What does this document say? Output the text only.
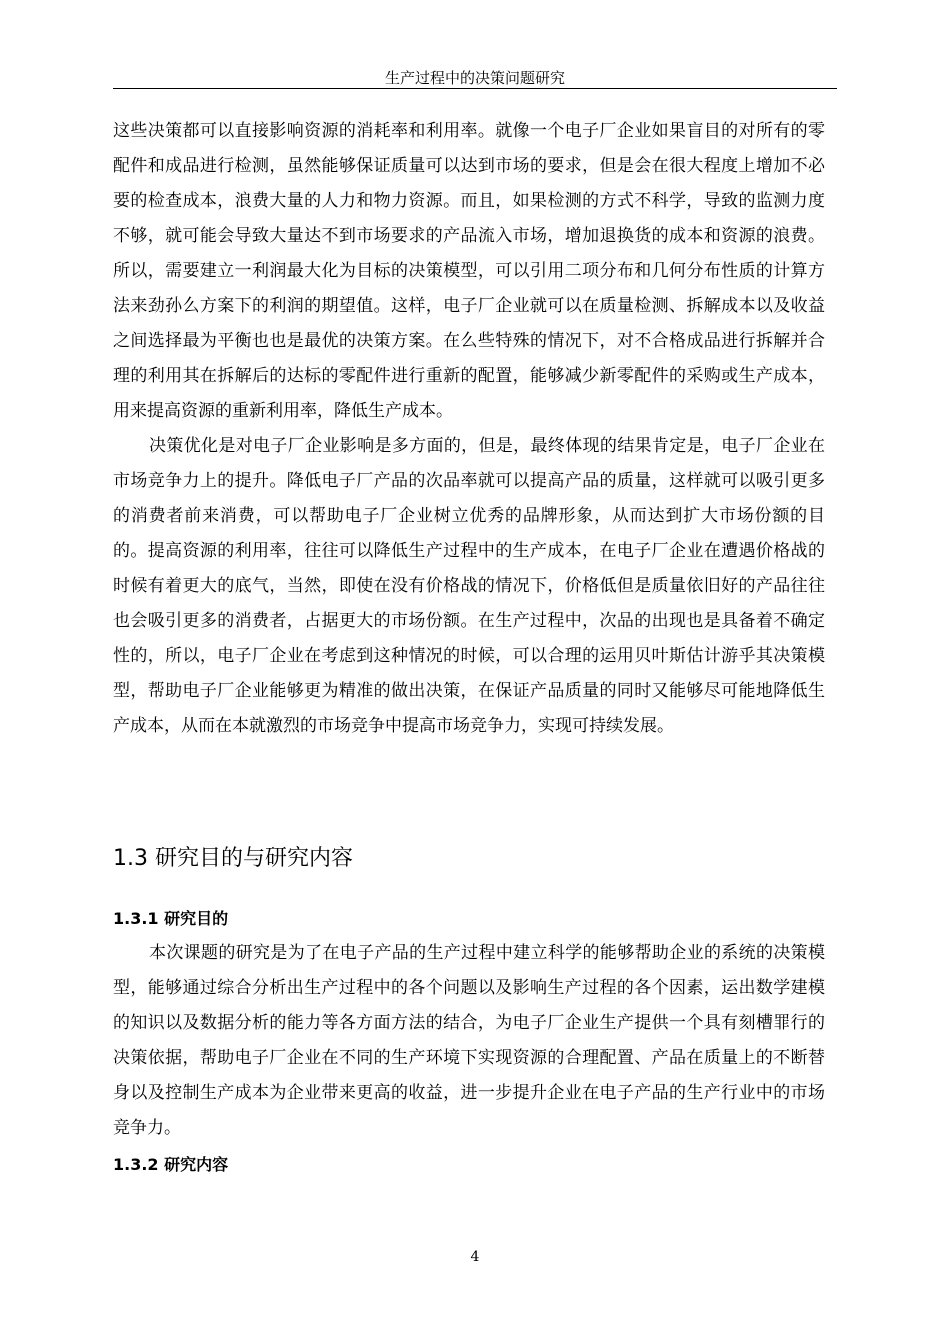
生产过程中的决策问题研究

这些决策都可以直接影响资源的消耗率和利用率。就像一个电子厂企业如果盲目的对所有的零配件和成品进行检测，虽然能够保证质量可以达到市场的要求，但是会在很大程度上增加不必要的检查成本，浪费大量的人力和物力资源。而且，如果检测的方式不科学，导致的监测力度不够，就可能会导致大量达不到市场要求的产品流入市场，增加退换货的成本和资源的浪费。所以，需要建立一利润最大化为目标的决策模型，可以引用二项分布和几何分布性质的计算方法来劲孙么方案下的利润的期望值。这样，电子厂企业就可以在质量检测、拆解成本以及收益之间选择最为平衡也也是最优的决策方案。在么些特殊的情况下，对不合格成品进行拆解并合理的利用其在拆解后的达标的零配件进行重新的配置，能够减少新零配件的采购或生产成本，用来提高资源的重新利用率，降低生产成本。

决策优化是对电子厂企业影响是多方面的，但是，最终体现的结果肯定是，电子厂企业在市场竞争力上的提升。降低电子厂产品的次品率就可以提高产品的质量，这样就可以吸引更多的消费者前来消费，可以帮助电子厂企业树立优秀的品牌形象，从而达到扩大市场份额的目的。提高资源的利用率，往往可以降低生产过程中的生产成本，在电子厂企业在遭遇价格战的时候有着更大的底气，当然，即使在没有价格战的情况下，价格低但是质量依旧好的产品往往也会吸引更多的消费者，占据更大的市场份额。在生产过程中，次品的出现也是具备着不确定性的，所以，电子厂企业在考虑到这种情况的时候，可以合理的运用贝叶斯估计游乎其决策模型，帮助电子厂企业能够更为精准的做出决策，在保证产品质量的同时又能够尽可能地降低生产成本，从而在本就激烈的市场竞争中提高市场竞争力，实现可持续发展。

1.3 研究目的与研究内容
1.3.1 研究目的

本次课题的研究是为了在电子产品的生产过程中建立科学的能够帮助企业的系统的决策模型，能够通过综合分析出生产过程中的各个问题以及影响生产过程的各个因素，运出数学建模的知识以及数据分析的能力等各方面方法的结合，为电子厂企业生产提供一个具有刻槽罪行的决策依据，帮助电子厂企业在不同的生产环境下实现资源的合理配置、产品在质量上的不断替身以及控制生产成本为企业带来更高的收益，进一步提升企业在电子产品的生产行业中的市场竞争力。

1.3.2 研究内容
4
